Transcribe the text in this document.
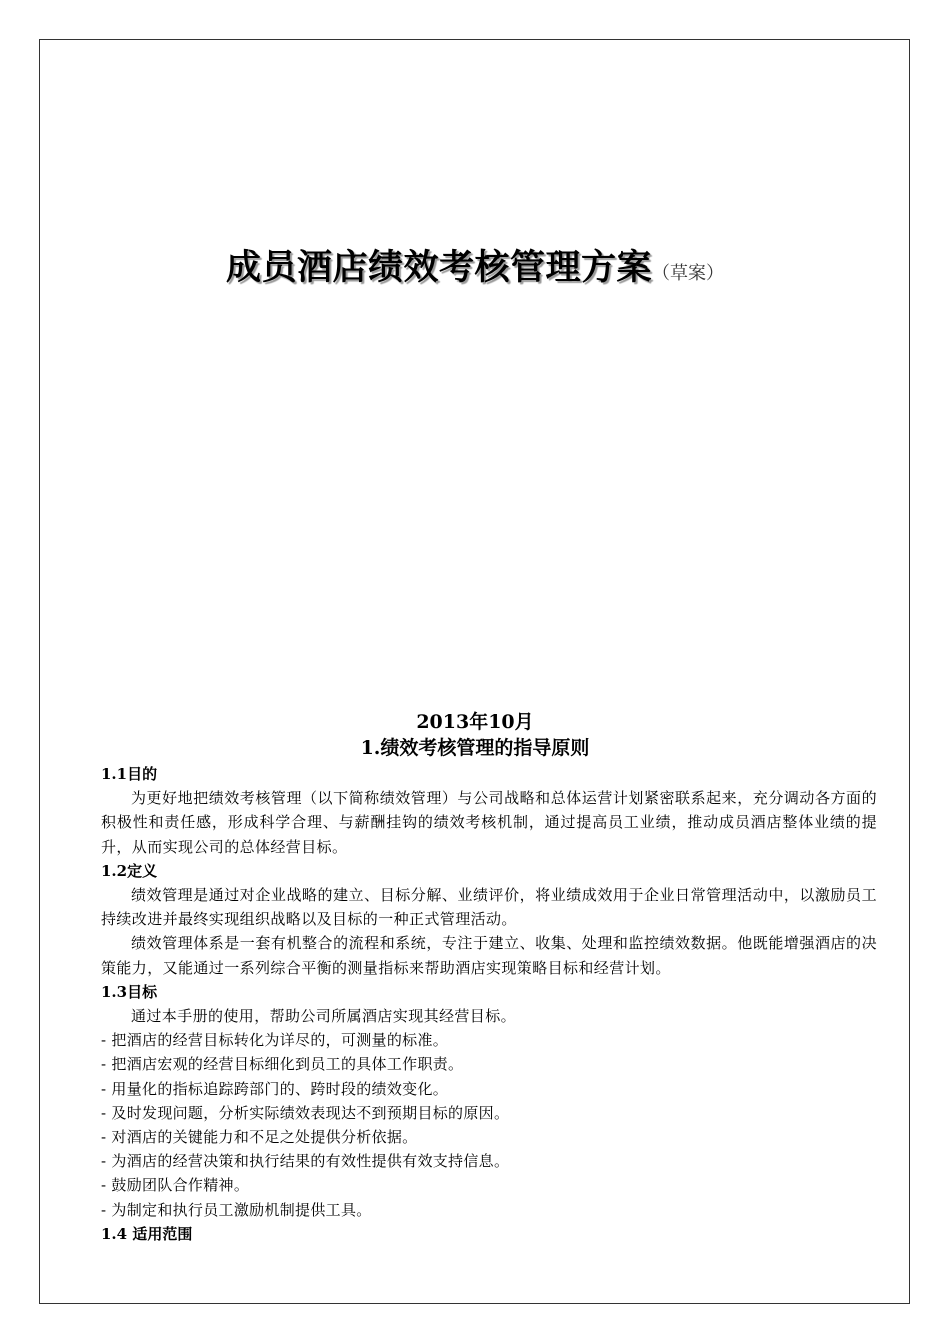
成员酒店绩效考核管理方案（草案）
2013年10月
1.绩效考核管理的指导原则

1.1目的

为更好地把绩效考核管理（以下简称绩效管理）与公司战略和总体运营计划紧密联系起来，充分调动各方面的积极性和责任感，形成科学合理、与薪酬挂钩的绩效考核机制，通过提高员工业绩，推动成员酒店整体业绩的提升，从而实现公司的总体经营目标。

1.2定义

绩效管理是通过对企业战略的建立、目标分解、业绩评价，将业绩成效用于企业日常管理活动中，以激励员工持续改进并最终实现组织战略以及目标的一种正式管理活动。

绩效管理体系是一套有机整合的流程和系统，专注于建立、收集、处理和监控绩效数据。他既能增强酒店的决策能力，又能通过一系列综合平衡的测量指标来帮助酒店实现策略目标和经营计划。

1.3目标

通过本手册的使用，帮助公司所属酒店实现其经营目标。

- 把酒店的经营目标转化为详尽的，可测量的标准。

- 把酒店宏观的经营目标细化到员工的具体工作职责。

- 用量化的指标追踪跨部门的、跨时段的绩效变化。

- 及时发现问题，分析实际绩效表现达不到预期目标的原因。

- 对酒店的关键能力和不足之处提供分析依据。

- 为酒店的经营决策和执行结果的有效性提供有效支持信息。

- 鼓励团队合作精神。

- 为制定和执行员工激励机制提供工具。

1.4 适用范围
